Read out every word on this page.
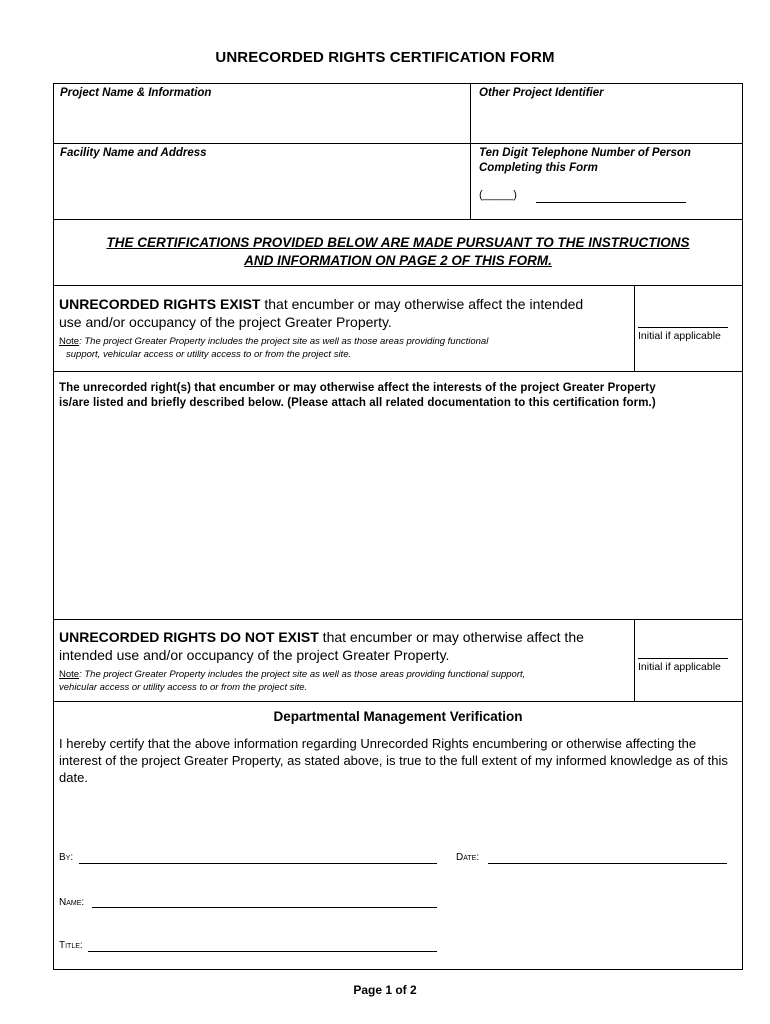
UNRECORDED RIGHTS CERTIFICATION FORM
Project Name & Information	Other Project Identifier
Facility Name and Address	Ten Digit Telephone Number of Person
Completing this Form
(_____)
THE CERTIFICATIONS PROVIDED BELOW ARE MADE PURSUANT TO THE INSTRUCTIONS
AND INFORMATION ON PAGE 2 OF THIS FORM.
UNRECORDED RIGHTS EXIST that encumber or may otherwise affect the intended
use and/or occupancy of the project Greater Property.
Note: The project Greater Property includes the project site as well as those areas providing functional
support, vehicular access or utility access to or from the project site.
Initial if applicable
The unrecorded right(s) that encumber or may otherwise affect the interests of the project Greater Property
is/are listed and briefly described below. (Please attach all related documentation to this certification form.)
UNRECORDED RIGHTS DO NOT EXIST that encumber or may otherwise affect the
intended use and/or occupancy of the project Greater Property.
Note: The project Greater Property includes the project site as well as those areas providing functional support,
vehicular access or utility access to or from the project site.
Initial if applicable
Departmental Management Verification
I hereby certify that the above information regarding Unrecorded Rights encumbering or otherwise affecting the interest of the project Greater Property, as stated above, is true to the full extent of my informed knowledge as of this date.
By:	Date:
Name:
Title:
Page 1 of 2
